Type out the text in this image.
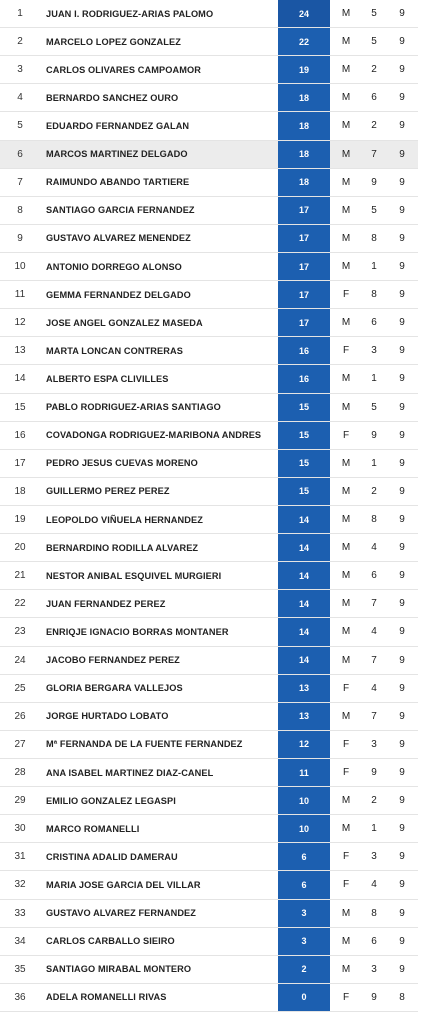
1	JUAN I. RODRIGUEZ-ARIAS PALOMO	24	M	5	9
2	MARCELO LOPEZ GONZALEZ	22	M	5	9
3	CARLOS OLIVARES CAMPOAMOR	19	M	2	9
4	BERNARDO SANCHEZ OURO	18	M	6	9
5	EDUARDO FERNANDEZ GALAN	18	M	2	9
6	MARCOS MARTINEZ DELGADO	18	M	7	9
7	RAIMUNDO ABANDO TARTIERE	18	M	9	9
8	SANTIAGO GARCIA FERNANDEZ	17	M	5	9
9	GUSTAVO ALVAREZ MENENDEZ	17	M	8	9
10	ANTONIO DORREGO ALONSO	17	M	1	9
11	GEMMA FERNANDEZ DELGADO	17	F	8	9
12	JOSE ANGEL GONZALEZ MASEDA	17	M	6	9
13	MARTA LONCAN CONTRERAS	16	F	3	9
14	ALBERTO ESPA CLIVILLES	16	M	1	9
15	PABLO RODRIGUEZ-ARIAS SANTIAGO	15	M	5	9
16	COVADONGA RODRIGUEZ-MARIBONA ANDRES	15	F	9	9
17	PEDRO JESUS CUEVAS MORENO	15	M	1	9
18	GUILLERMO PEREZ PEREZ	15	M	2	9
19	LEOPOLDO VIÑUELA HERNANDEZ	14	M	8	9
20	BERNARDINO RODILLA ALVAREZ	14	M	4	9
21	NESTOR ANIBAL ESQUIVEL MURGIERI	14	M	6	9
22	JUAN FERNANDEZ PEREZ	14	M	7	9
23	ENRIQJE IGNACIO BORRAS MONTANER	14	M	4	9
24	JACOBO FERNANDEZ PEREZ	14	M	7	9
25	GLORIA BERGARA VALLEJOS	13	F	4	9
26	JORGE HURTADO LOBATO	13	M	7	9
27	Mª FERNANDA DE LA FUENTE FERNANDEZ	12	F	3	9
28	ANA ISABEL MARTINEZ DIAZ-CANEL	11	F	9	9
29	EMILIO GONZALEZ LEGASPI	10	M	2	9
30	MARCO ROMANELLI	10	M	1	9
31	CRISTINA ADALID DAMERAU	6	F	3	9
32	MARIA JOSE GARCIA DEL VILLAR	6	F	4	9
33	GUSTAVO ALVAREZ FERNANDEZ	3	M	8	9
34	CARLOS CARBALLO SIEIRO	3	M	6	9
35	SANTIAGO MIRABAL MONTERO	2	M	3	9
36	ADELA ROMANELLI RIVAS	0	F	9	8
